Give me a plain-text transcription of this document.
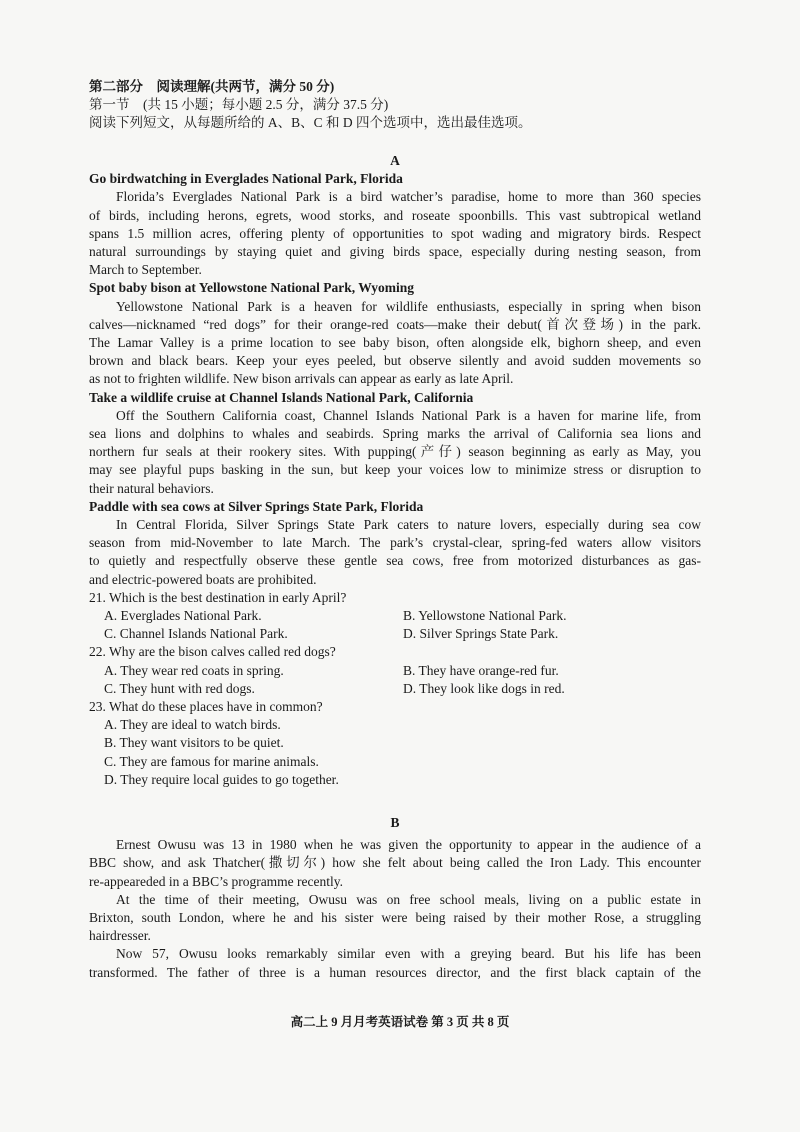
第二部分　阅读理解(共两节，满分 50 分)
第一节　(共 15 小题；每小题 2.5 分，满分 37.5 分)
阅读下列短文，从每题所给的 A、B、C 和 D 四个选项中，选出最佳选项。
A
Go birdwatching in Everglades National Park, Florida
Florida’s Everglades National Park is a bird watcher’s paradise, home to more than 360 species
of birds, including herons, egrets, wood storks, and roseate spoonbills. This vast subtropical wetland
spans 1.5 million acres, offering plenty of opportunities to spot wading and migratory birds. Respect
natural surroundings by staying quiet and giving birds space, especially during nesting season, from
March to September.
Spot baby bison at Yellowstone National Park, Wyoming
Yellowstone National Park is a heaven for wildlife enthusiasts, especially in spring when bison
calves—nicknamed “red dogs” for their orange-red coats—make their debut(首次登场) in the park.
The Lamar Valley is a prime location to see baby bison, often alongside elk, bighorn sheep, and even
brown and black bears. Keep your eyes peeled, but observe silently and avoid sudden movements so
as not to frighten wildlife. New bison arrivals can appear as early as late April.
Take a wildlife cruise at Channel Islands National Park, California
Off the Southern California coast, Channel Islands National Park is a haven for marine life, from
sea lions and dolphins to whales and seabirds. Spring marks the arrival of California sea lions and
northern fur seals at their rookery sites. With pupping(产仔) season beginning as early as May, you
may see playful pups basking in the sun, but keep your voices low to minimize stress or disruption to
their natural behaviors.
Paddle with sea cows at Silver Springs State Park, Florida
In Central Florida, Silver Springs State Park caters to nature lovers, especially during sea cow
season from mid-November to late March. The park’s crystal-clear, spring-fed waters allow visitors
to quietly and respectfully observe these gentle sea cows, free from motorized disturbances as gas-
and electric-powered boats are prohibited.
21. Which is the best destination in early April?
A. Everglades National Park.	B. Yellowstone National Park.
C. Channel Islands National Park.	D. Silver Springs State Park.
22. Why are the bison calves called red dogs?
A. They wear red coats in spring.	B. They have orange-red fur.
C. They hunt with red dogs.	D. They look like dogs in red.
23. What do these places have in common?
A. They are ideal to watch birds.
B. They want visitors to be quiet.
C. They are famous for marine animals.
D. They require local guides to go together.
B
Ernest Owusu was 13 in 1980 when he was given the opportunity to appear in the audience of a
BBC show, and ask Thatcher(撒切尔) how she felt about being called the Iron Lady. This encounter
re-appeareded in a BBC’s programme recently.
At the time of their meeting, Owusu was on free school meals, living on a public estate in
Brixton, south London, where he and his sister were being raised by their mother Rose, a struggling
hairdresser.
Now 57, Owusu looks remarkably similar even with a greying beard. But his life has been
transformed. The father of three is a human resources director, and the first black captain of the
高二上 9 月月考英语试卷 第 3 页 共 8 页
